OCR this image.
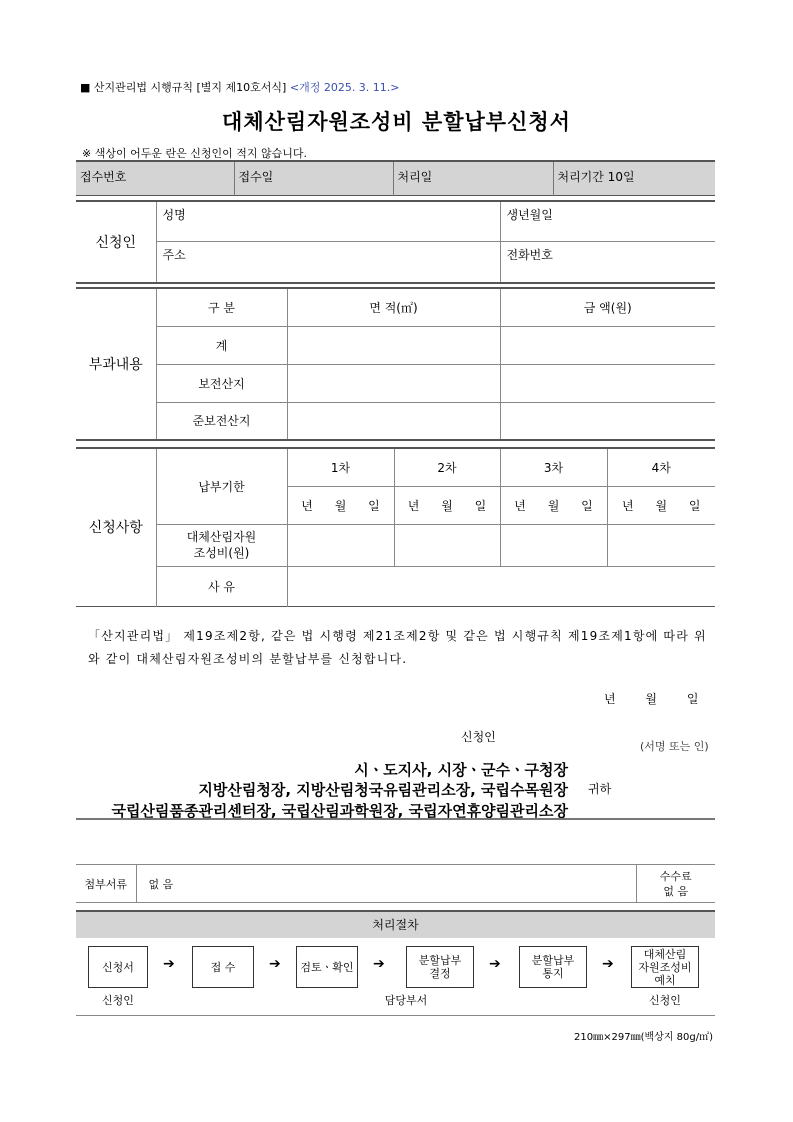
■ 산지관리법 시행규칙 [별지 제10호서식] <개정 2025. 3. 11.>
대체산림자원조성비 분할납부신청서
※ 색상이 어두운 란은 신청인이 적지 않습니다.
접수번호	접수일	처리일	처리기간 10일
신청인	성명	생년월일
	주소	전화번호
부과내용	구 분	면 적(㎡)	금 액(원)
	계		
	보전산지		
	준보전산지		
신청사항	납부기한	1차	2차	3차	4차
		년 월 일	년 월 일	년 월 일	년 월 일
	대체산림자원
조성비(원)				
	사 유				
「산지관리법」 제19조제2항, 같은 법 시행령 제21조제2항 및 같은 법 시행규칙 제19조제1항에 따라 위와 같이 대체산림자원조성비의 분할납부를 신청합니다.
년 월 일
신청인
(서명 또는 인)
시ㆍ도지사, 시장ㆍ군수ㆍ구청장
지방산림청장, 지방산림청국유림관리소장, 국립수목원장
국립산림품종관리센터장, 국립산림과학원장, 국립자연휴양림관리소장
귀하
첨부서류	없 음	수수료
없 음
처리절차
신청서	➔	접 수	➔	검토ㆍ확인	➔	분할납부 결정
➔	분할납부 통지
➔
대체산림 자원조성비 예치
신청인	담당부서	신청인
210㎜×297㎜(백상지 80g/㎡)
